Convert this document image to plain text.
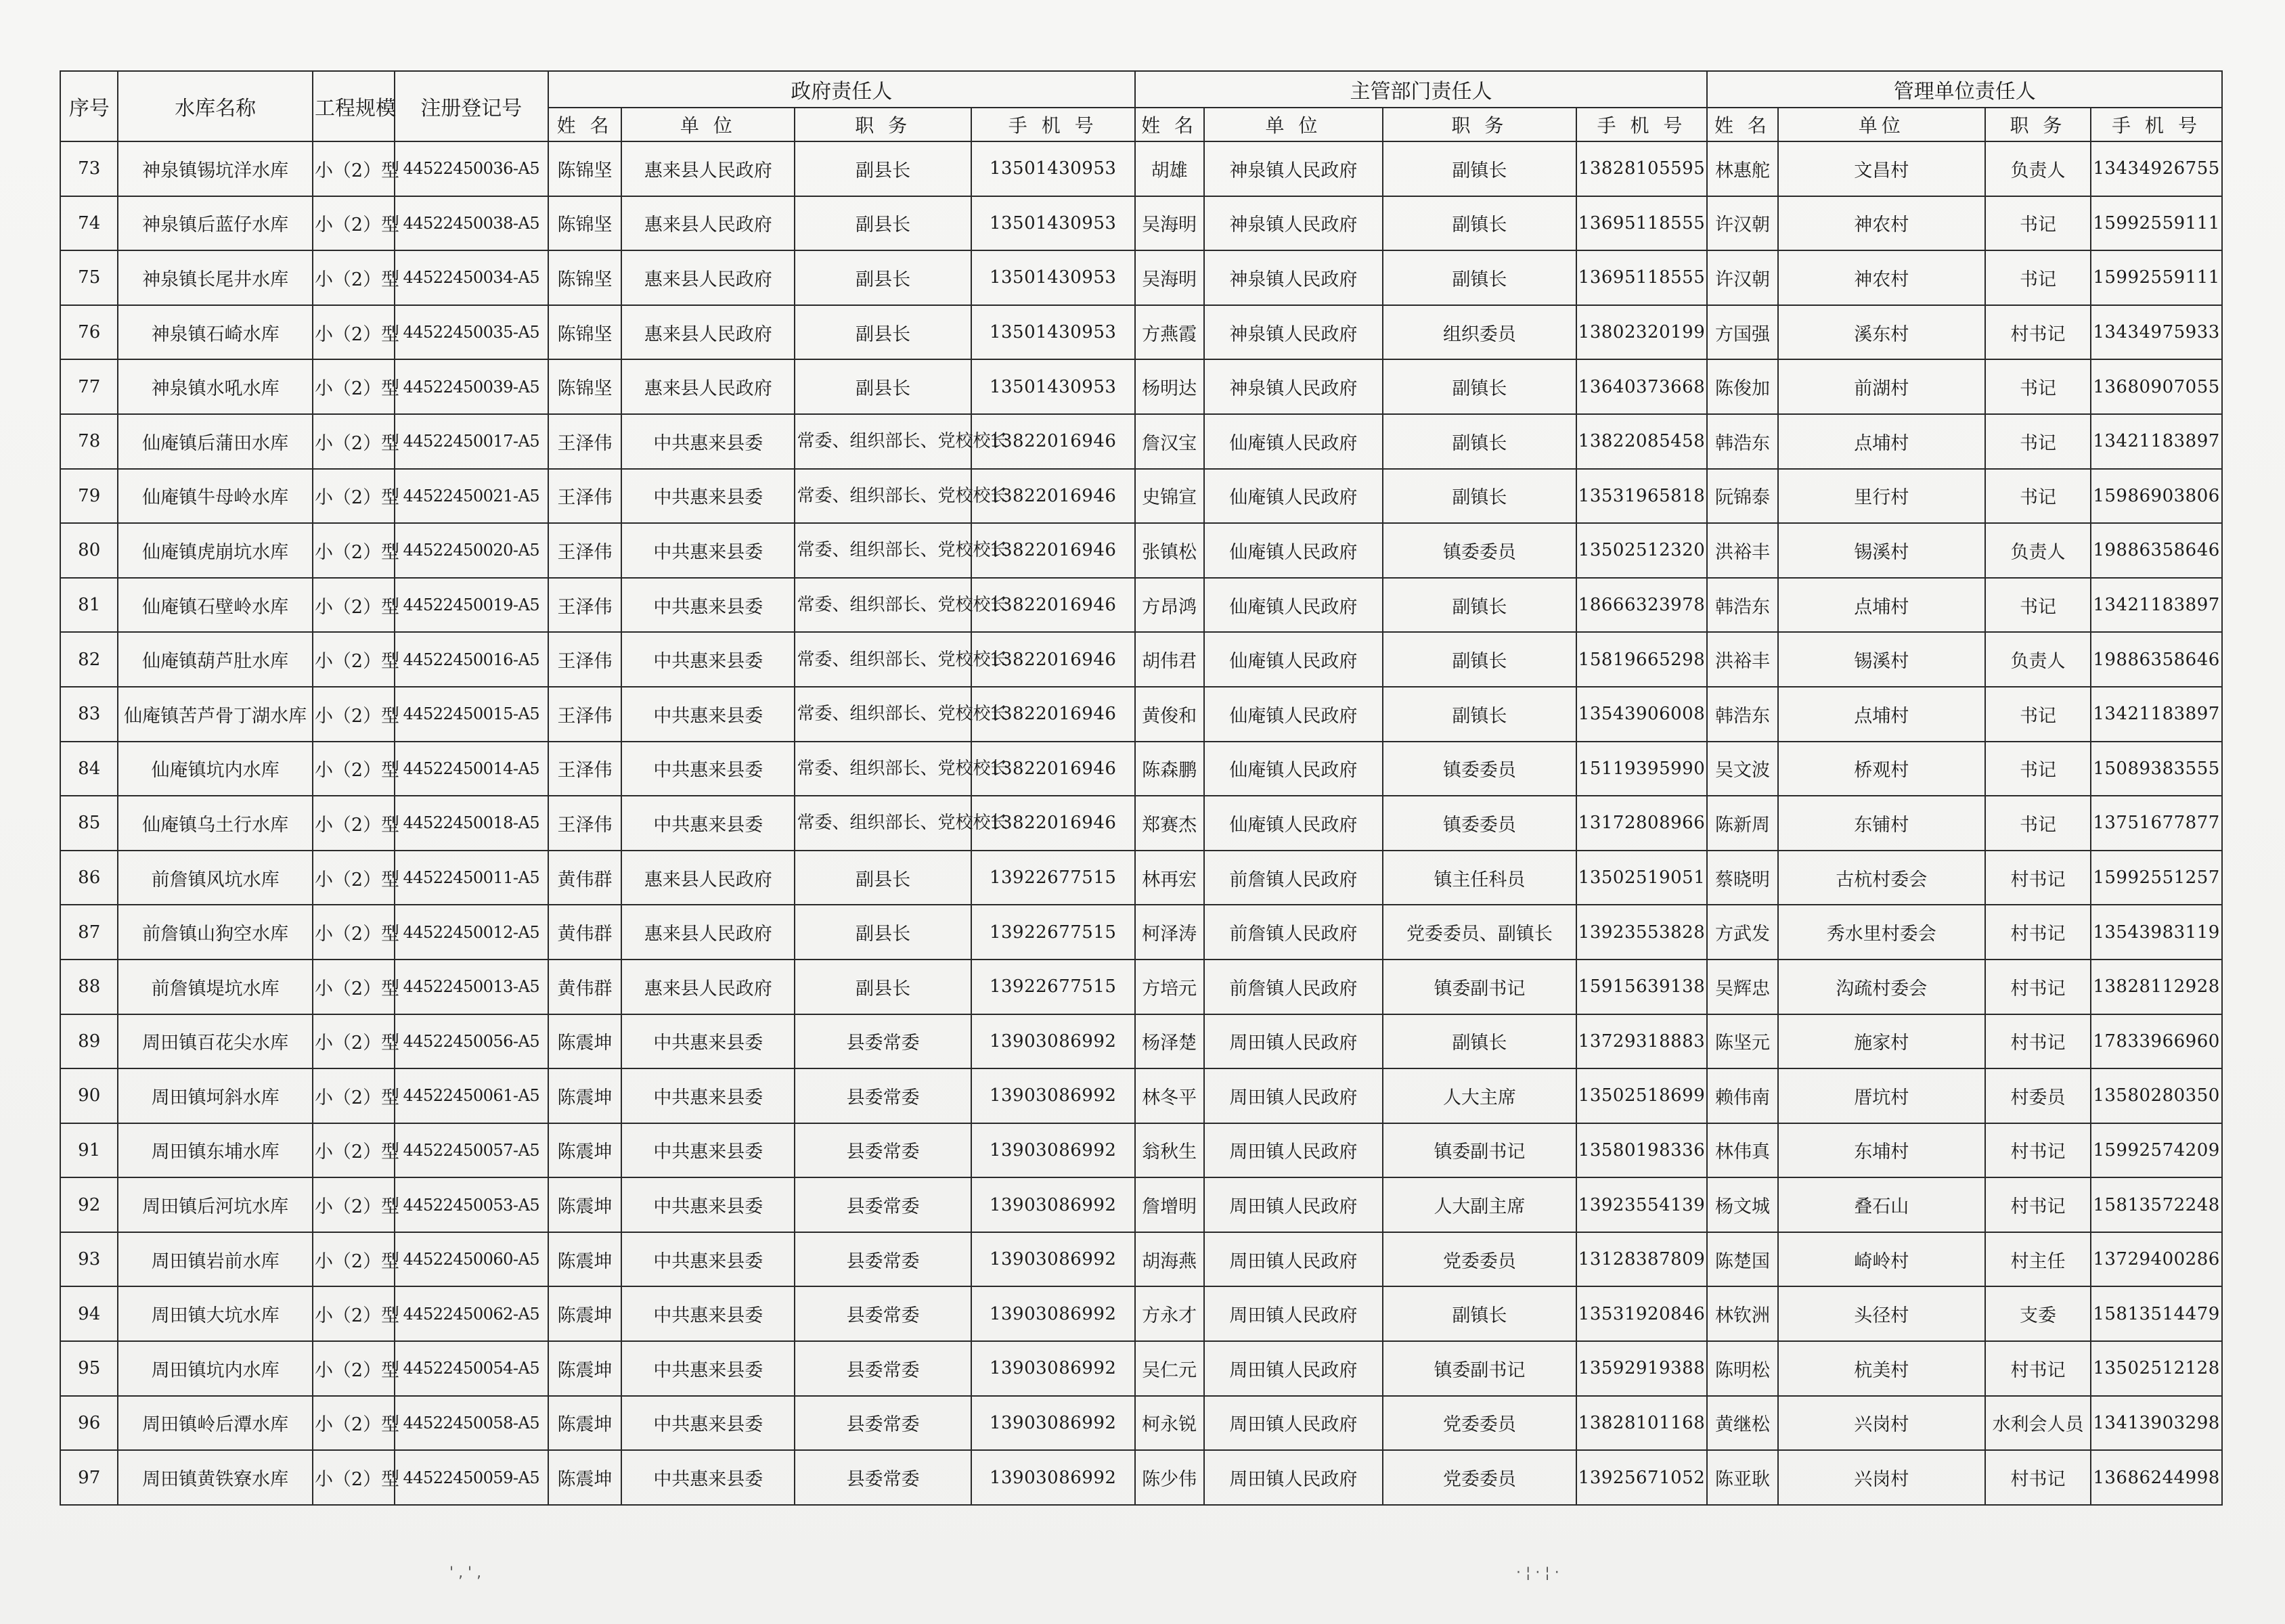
序号	水库名称	工程规模	注册登记号	政府责任人				主管部门责任人				管理单位责任人			
				姓 名	单 位	职 务	手 机 号	姓 名	单 位	职 务	手 机 号	姓 名	单位	职 务	手 机 号
73	神泉镇锡坑洋水库	小（2）型	44522450036-A5	陈锦坚	惠来县人民政府	副县长	13501430953	胡雄	神泉镇人民政府	副镇长	13828105595	林惠舵	文昌村	负责人	13434926755
74	神泉镇后蓝仔水库	小（2）型	44522450038-A5	陈锦坚	惠来县人民政府	副县长	13501430953	吴海明	神泉镇人民政府	副镇长	13695118555	许汉朝	神农村	书记	15992559111
75	神泉镇长尾井水库	小（2）型	44522450034-A5	陈锦坚	惠来县人民政府	副县长	13501430953	吴海明	神泉镇人民政府	副镇长	13695118555	许汉朝	神农村	书记	15992559111
76	神泉镇石崎水库	小（2）型	44522450035-A5	陈锦坚	惠来县人民政府	副县长	13501430953	方燕霞	神泉镇人民政府	组织委员	13802320199	方国强	溪东村	村书记	13434975933
77	神泉镇水吼水库	小（2）型	44522450039-A5	陈锦坚	惠来县人民政府	副县长	13501430953	杨明达	神泉镇人民政府	副镇长	13640373668	陈俊加	前湖村	书记	13680907055
78	仙庵镇后蒲田水库	小（2）型	44522450017-A5	王泽伟	中共惠来县委	常委、组织部长、党校校长	13822016946	詹汉宝	仙庵镇人民政府	副镇长	13822085458	韩浩东	点埔村	书记	13421183897
79	仙庵镇牛母岭水库	小（2）型	44522450021-A5	王泽伟	中共惠来县委	常委、组织部长、党校校长	13822016946	史锦宣	仙庵镇人民政府	副镇长	13531965818	阮锦泰	里行村	书记	15986903806
80	仙庵镇虎崩坑水库	小（2）型	44522450020-A5	王泽伟	中共惠来县委	常委、组织部长、党校校长	13822016946	张镇松	仙庵镇人民政府	镇委委员	13502512320	洪裕丰	锡溪村	负责人	19886358646
81	仙庵镇石壁岭水库	小（2）型	44522450019-A5	王泽伟	中共惠来县委	常委、组织部长、党校校长	13822016946	方昂鸿	仙庵镇人民政府	副镇长	18666323978	韩浩东	点埔村	书记	13421183897
82	仙庵镇葫芦肚水库	小（2）型	44522450016-A5	王泽伟	中共惠来县委	常委、组织部长、党校校长	13822016946	胡伟君	仙庵镇人民政府	副镇长	15819665298	洪裕丰	锡溪村	负责人	19886358646
83	仙庵镇苦芦骨丁湖水库	小（2）型	44522450015-A5	王泽伟	中共惠来县委	常委、组织部长、党校校长	13822016946	黄俊和	仙庵镇人民政府	副镇长	13543906008	韩浩东	点埔村	书记	13421183897
84	仙庵镇坑内水库	小（2）型	44522450014-A5	王泽伟	中共惠来县委	常委、组织部长、党校校长	13822016946	陈森鹏	仙庵镇人民政府	镇委委员	15119395990	吴文波	桥观村	书记	15089383555
85	仙庵镇乌土行水库	小（2）型	44522450018-A5	王泽伟	中共惠来县委	常委、组织部长、党校校长	13822016946	郑赛杰	仙庵镇人民政府	镇委委员	13172808966	陈新周	东铺村	书记	13751677877
86	前詹镇风坑水库	小（2）型	44522450011-A5	黄伟群	惠来县人民政府	副县长	13922677515	林再宏	前詹镇人民政府	镇主任科员	13502519051	蔡晓明	古杭村委会	村书记	15992551257
87	前詹镇山狗空水库	小（2）型	44522450012-A5	黄伟群	惠来县人民政府	副县长	13922677515	柯泽涛	前詹镇人民政府	党委委员、副镇长	13923553828	方武发	秀水里村委会	村书记	13543983119
88	前詹镇堤坑水库	小（2）型	44522450013-A5	黄伟群	惠来县人民政府	副县长	13922677515	方培元	前詹镇人民政府	镇委副书记	15915639138	吴辉忠	沟疏村委会	村书记	13828112928
89	周田镇百花尖水库	小（2）型	44522450056-A5	陈震坤	中共惠来县委	县委常委	13903086992	杨泽楚	周田镇人民政府	副镇长	13729318883	陈坚元	施家村	村书记	17833966960
90	周田镇坷斜水库	小（2）型	44522450061-A5	陈震坤	中共惠来县委	县委常委	13903086992	林冬平	周田镇人民政府	人大主席	13502518699	赖伟南	厝坑村	村委员	13580280350
91	周田镇东埔水库	小（2）型	44522450057-A5	陈震坤	中共惠来县委	县委常委	13903086992	翁秋生	周田镇人民政府	镇委副书记	13580198336	林伟真	东埔村	村书记	15992574209
92	周田镇后河坑水库	小（2）型	44522450053-A5	陈震坤	中共惠来县委	县委常委	13903086992	詹增明	周田镇人民政府	人大副主席	13923554139	杨文城	叠石山	村书记	15813572248
93	周田镇岩前水库	小（2）型	44522450060-A5	陈震坤	中共惠来县委	县委常委	13903086992	胡海燕	周田镇人民政府	党委委员	13128387809	陈楚国	崎岭村	村主任	13729400286
94	周田镇大坑水库	小（2）型	44522450062-A5	陈震坤	中共惠来县委	县委常委	13903086992	方永才	周田镇人民政府	副镇长	13531920846	林钦洲	头径村	支委	15813514479
95	周田镇坑内水库	小（2）型	44522450054-A5	陈震坤	中共惠来县委	县委常委	13903086992	吴仁元	周田镇人民政府	镇委副书记	13592919388	陈明松	杭美村	村书记	13502512128
96	周田镇岭后潭水库	小（2）型	44522450058-A5	陈震坤	中共惠来县委	县委常委	13903086992	柯永锐	周田镇人民政府	党委委员	13828101168	黄继松	兴岗村	水利会人员	13413903298
97	周田镇黄铁寮水库	小（2）型	44522450059-A5	陈震坤	中共惠来县委	县委常委	13903086992	陈少伟	周田镇人民政府	党委委员	13925671052	陈亚耿	兴岗村	村书记	13686244998
' ‚ ' ,	· ¦ · ¦ ·
